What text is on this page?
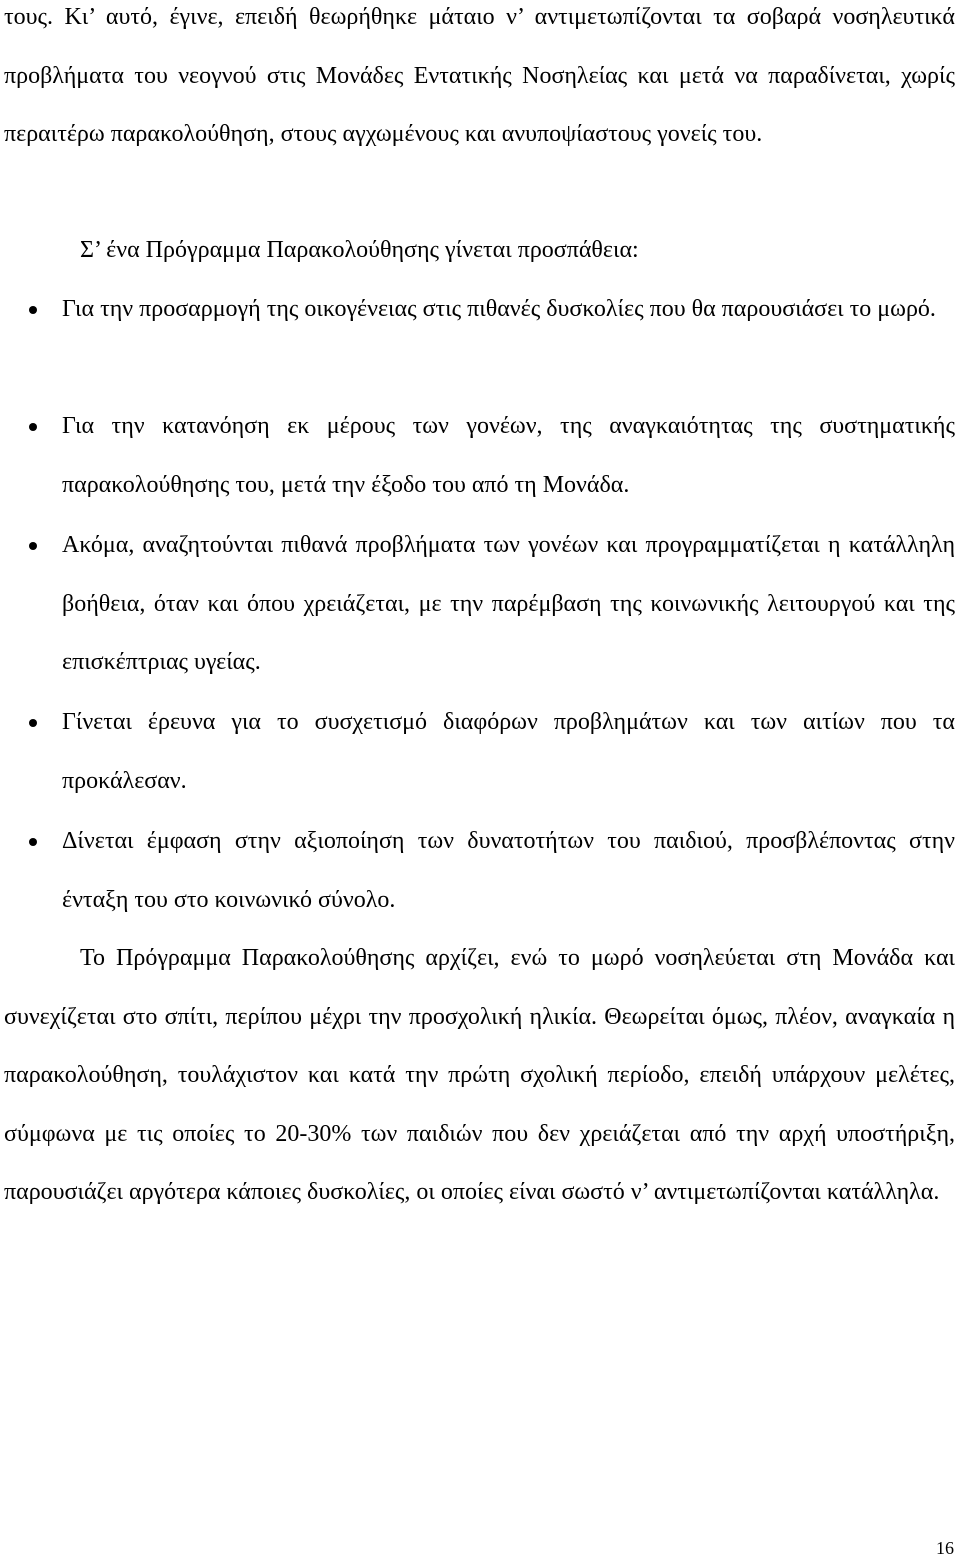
τους. Κι’ αυτό, έγινε, επειδή θεωρήθηκε μάταιο ν’ αντιμετωπίζονται τα σοβαρά νοσηλευτικά προβλήματα του νεογνού στις Μονάδες Εντατικής Νοσηλείας και μετά να παραδίνεται, χωρίς περαιτέρω παρακολούθηση, στους αγχωμένους και ανυποψίαστους γονείς του.

Σ’ ένα Πρόγραμμα Παρακολούθησης γίνεται προσπάθεια:

Για την προσαρμογή της οικογένειας στις πιθανές δυσκολίες που θα παρουσιάσει το μωρό.
Για την κατανόηση εκ μέρους των γονέων, της αναγκαιότητας της συστηματικής παρακολούθησης του, μετά την έξοδο του από τη Μονάδα.
Ακόμα, αναζητούνται πιθανά προβλήματα των γονέων και προγραμματίζεται η κατάλληλη βοήθεια, όταν και όπου χρειάζεται, με την παρέμβαση της κοινωνικής λειτουργού και της επισκέπτριας υγείας.
Γίνεται έρευνα για το συσχετισμό διαφόρων προβλημάτων και των αιτίων που τα προκάλεσαν.
Δίνεται έμφαση στην αξιοποίηση των δυνατοτήτων του παιδιού, προσβλέποντας στην ένταξη του στο κοινωνικό σύνολο.

Το Πρόγραμμα Παρακολούθησης αρχίζει, ενώ το μωρό νοσηλεύεται στη Μονάδα και συνεχίζεται στο σπίτι, περίπου μέχρι την προσχολική ηλικία. Θεωρείται όμως, πλέον, αναγκαία η παρακολούθηση, τουλάχιστον και κατά την πρώτη σχολική περίοδο, επειδή υπάρχουν μελέτες, σύμφωνα με τις οποίες το 20-30% των παιδιών που δεν χρειάζεται από την αρχή υποστήριξη, παρουσιάζει αργότερα κάποιες δυσκολίες, οι οποίες είναι σωστό ν’ αντιμετωπίζονται κατάλληλα.

16
